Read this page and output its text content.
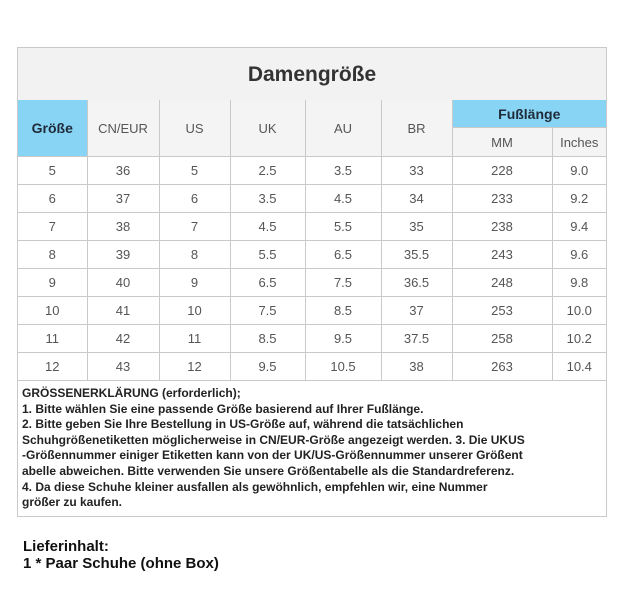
Damengröße
Größe	CN/EUR	US	UK	AU	BR	Fußlänge	
						MM	Inches
5	36	5	2.5	3.5	33	228	9.0
6	37	6	3.5	4.5	34	233	9.2
7	38	7	4.5	5.5	35	238	9.4
8	39	8	5.5	6.5	35.5	243	9.6
9	40	9	6.5	7.5	36.5	248	9.8
10	41	10	7.5	8.5	37	253	10.0
11	42	11	8.5	9.5	37.5	258	10.2
12	43	12	9.5	10.5	38	263	10.4
GRÖSSENERKLÄRUNG (erforderlich);
1. Bitte wählen Sie eine passende Größe basierend auf Ihrer Fußlänge.
2. Bitte geben Sie Ihre Bestellung in US-Größe auf, während die tatsächlichen
Schuhgrößenetiketten möglicherweise in CN/EUR-Größe angezeigt werden. 3. Die UKUS
-Größennummer einiger Etiketten kann von der UK/US-Größennummer unserer Größent
abelle abweichen. Bitte verwenden Sie unsere Größentabelle als die Standardreferenz.
4. Da diese Schuhe kleiner ausfallen als gewöhnlich, empfehlen wir, eine Nummer
größer zu kaufen.
Lieferinhalt:
1 * Paar Schuhe (ohne Box)
